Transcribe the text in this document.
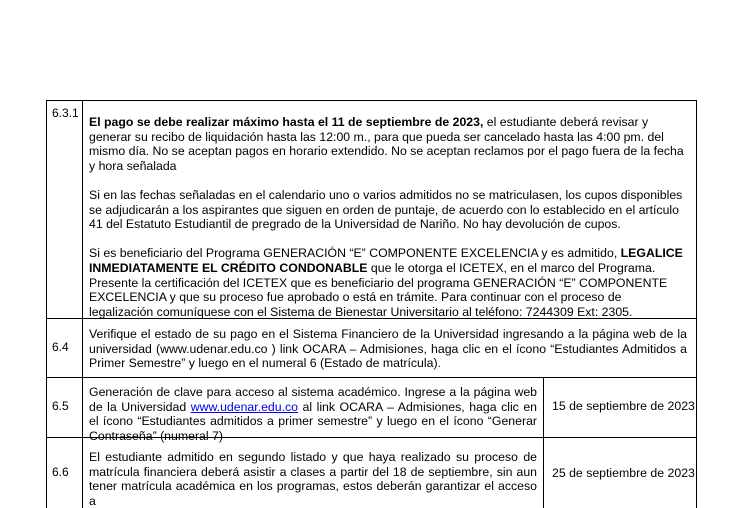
6.3.1

El pago se debe realizar máximo hasta el 11 de septiembre de 2023, el estudiante deberá revisar y generar su recibo de liquidación hasta las 12:00 m., para que pueda ser cancelado hasta las 4:00 pm. del mismo día. No se aceptan pagos en horario extendido. No se aceptan reclamos por el pago fuera de la fecha y hora señalada

Si en las fechas señaladas en el calendario uno o varios admitidos no se matriculasen, los cupos disponibles se adjudicarán a los aspirantes que siguen en orden de puntaje, de acuerdo con lo establecido en el artículo 41 del Estatuto Estudiantil de pregrado de la Universidad de Nariño. No hay devolución de cupos.

Si es beneficiario del Programa GENERACIÓN “E” COMPONENTE EXCELENCIA y es admitido, LEGALICE INMEDIATAMENTE EL CRÉDITO CONDONABLE que le otorga el ICETEX, en el marco del Programa. Presente la certificación del ICETEX que es beneficiario del programa GENERACIÓN “E” COMPONENTE EXCELENCIA y que su proceso fue aprobado o está en trámite. Para continuar con el proceso de legalización comuníquese con el Sistema de Bienestar Universitario al teléfono: 7244309 Ext: 2305.

6.4
Verifique el estado de su pago en el Sistema Financiero de la Universidad ingresando a la página web de la universidad (www.udenar.edu.co ) link OCARA – Admisiones, haga clic en el ícono “Estudiantes Admitidos a Primer Semestre” y luego en el numeral 6 (Estado de matrícula).
6.5
Generación de clave para acceso al sistema académico. Ingrese a la página web de la Universidad www.udenar.edu.co al link OCARA – Admisiones, haga clic en el ícono “Estudiantes admitidos a primer semestre” y luego en el ícono “Generar Contraseña” (numeral 7)
15 de septiembre de 2023
6.6
El estudiante admitido en segundo listado y que haya realizado su proceso de matrícula financiera deberá asistir a clases a partir del 18 de septiembre, sin aun tener matrícula académica en los programas, estos deberán garantizar el acceso a
25 de septiembre de 2023
